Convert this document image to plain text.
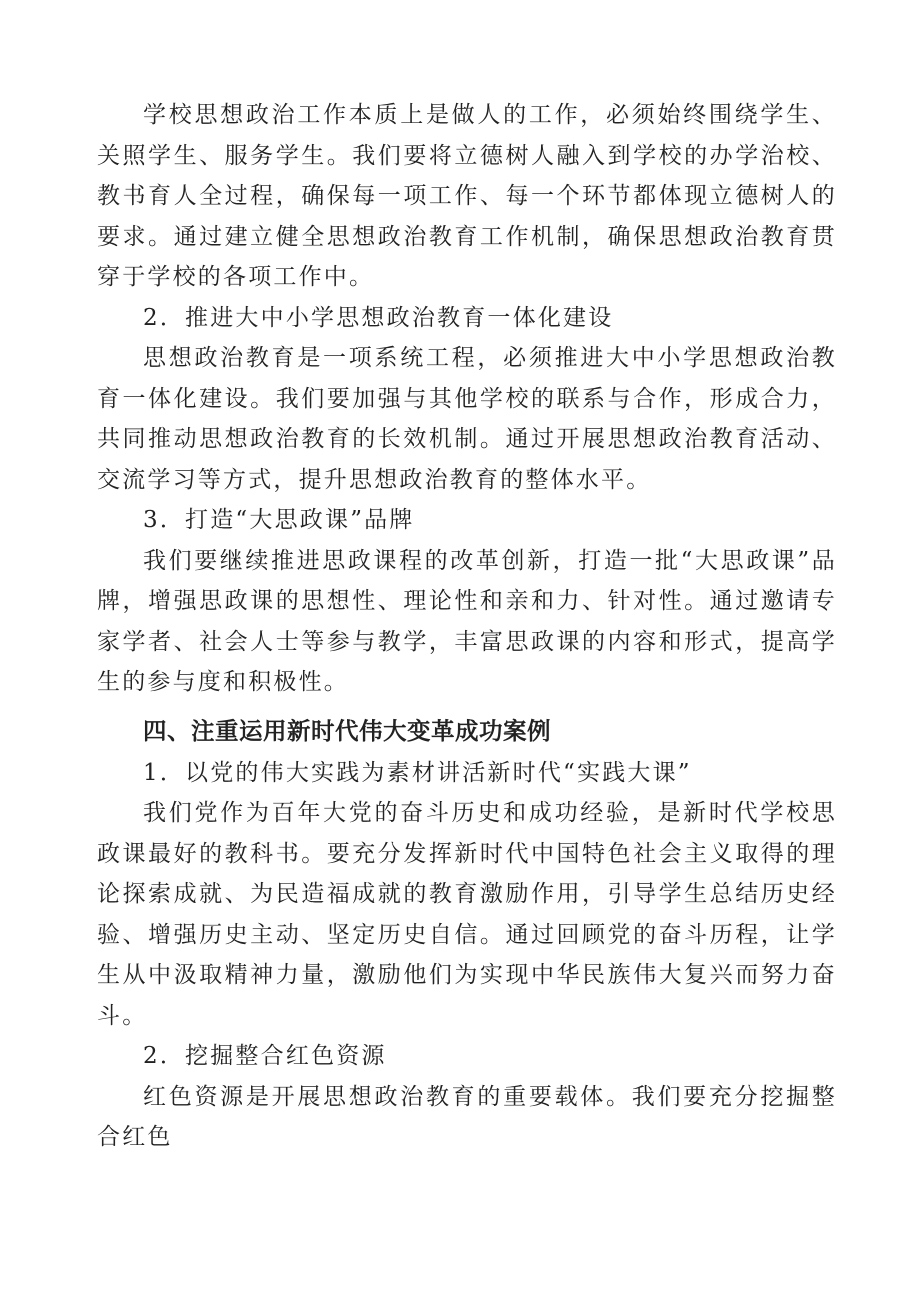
学校思想政治工作本质上是做人的工作，必须始终围绕学生、关照学生、服务学生。我们要将立德树人融入到学校的办学治校、教书育人全过程，确保每一项工作、每一个环节都体现立德树人的要求。通过建立健全思想政治教育工作机制，确保思想政治教育贯穿于学校的各项工作中。

2．推进大中小学思想政治教育一体化建设

思想政治教育是一项系统工程，必须推进大中小学思想政治教育一体化建设。我们要加强与其他学校的联系与合作，形成合力，共同推动思想政治教育的长效机制。通过开展思想政治教育活动、交流学习等方式，提升思想政治教育的整体水平。

3．打造“大思政课”品牌

我们要继续推进思政课程的改革创新，打造一批“大思政课”品牌，增强思政课的思想性、理论性和亲和力、针对性。通过邀请专家学者、社会人士等参与教学，丰富思政课的内容和形式，提高学生的参与度和积极性。

四、注重运用新时代伟大变革成功案例

1．以党的伟大实践为素材讲活新时代“实践大课”

我们党作为百年大党的奋斗历史和成功经验，是新时代学校思政课最好的教科书。要充分发挥新时代中国特色社会主义取得的理论探索成就、为民造福成就的教育激励作用，引导学生总结历史经验、增强历史主动、坚定历史自信。通过回顾党的奋斗历程，让学生从中汲取精神力量，激励他们为实现中华民族伟大复兴而努力奋斗。

2．挖掘整合红色资源

红色资源是开展思想政治教育的重要载体。我们要充分挖掘整合红色
